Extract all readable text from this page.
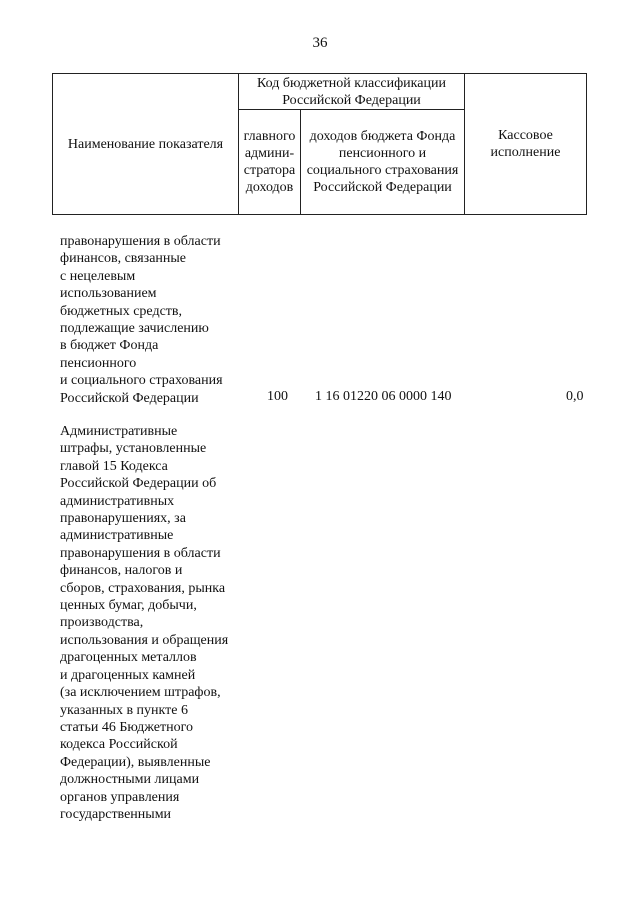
36
Наименование показателя
Код бюджетной классификации Российской Федерации
главного админи-стратора доходов
доходов бюджета Фонда пенсионного и социального страхования Российской Федерации
Кассовое исполнение
правонарушения в области
финансов, связанные
с нецелевым
использованием
бюджетных средств,
подлежащие зачислению
в бюджет Фонда
пенсионного
и социального страхования
Российской Федерации	100 1 16 01220 06 0000 140	0,0
Административные
штрафы, установленные
главой 15 Кодекса
Российской Федерации об
административных
правонарушениях, за
административные
правонарушения в области
финансов, налогов и
сборов, страхования, рынка
ценных бумаг, добычи,
производства,
использования и обращения
драгоценных металлов
и драгоценных камней
(за исключением штрафов,
указанных в пункте 6
статьи 46 Бюджетного
кодекса Российской
Федерации), выявленные
должностными лицами
органов управления
государственными
